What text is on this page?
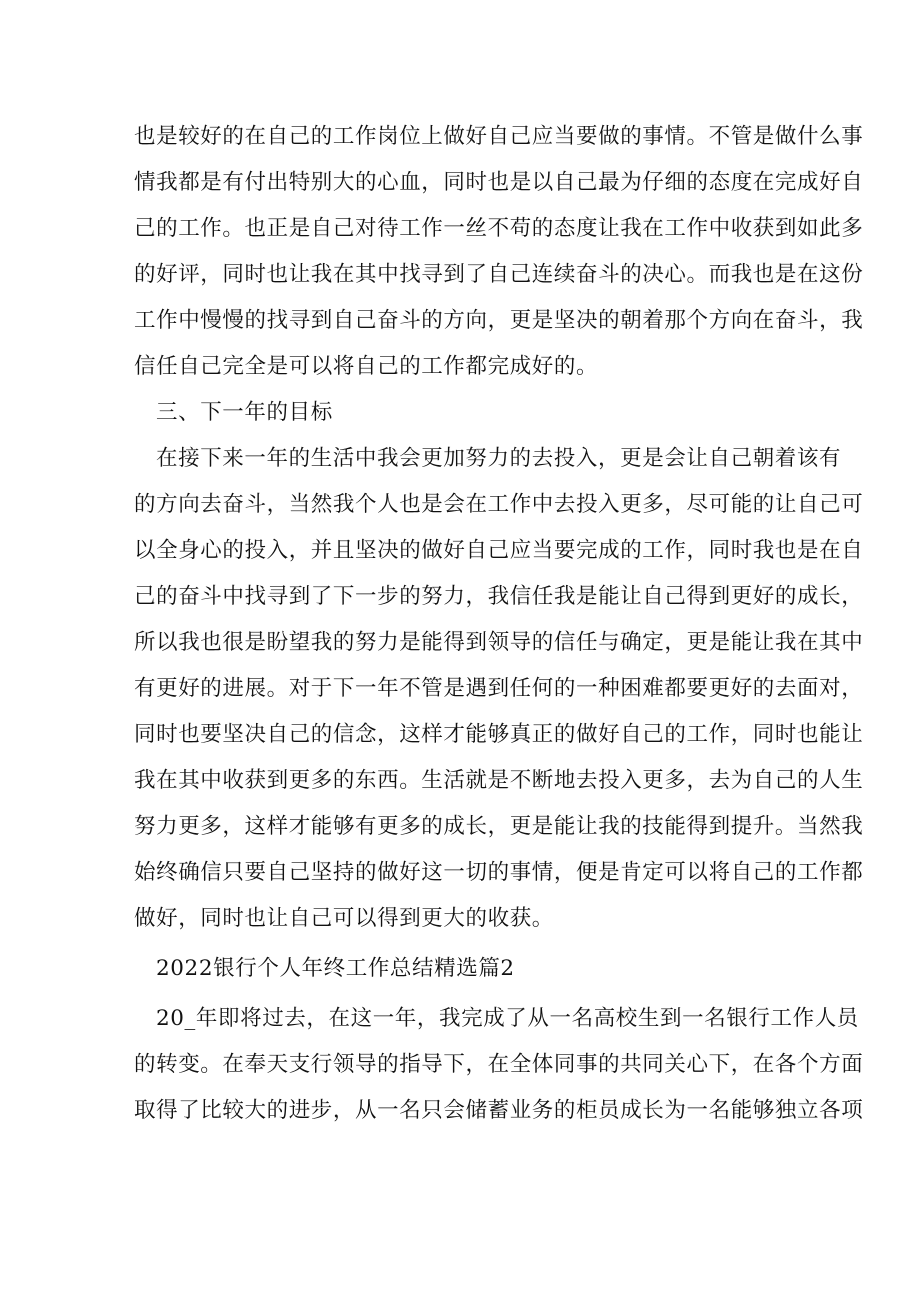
也是较好的在自己的工作岗位上做好自己应当要做的事情。不管是做什么事
情我都是有付出特别大的心血，同时也是以自己最为仔细的态度在完成好自
己的工作。也正是自己对待工作一丝不苟的态度让我在工作中收获到如此多
的好评，同时也让我在其中找寻到了自己连续奋斗的决心。而我也是在这份
工作中慢慢的找寻到自己奋斗的方向，更是坚决的朝着那个方向在奋斗，我
信任自己完全是可以将自己的工作都完成好的。
三、下一年的目标
在接下来一年的生活中我会更加努力的去投入，更是会让自己朝着该有
的方向去奋斗，当然我个人也是会在工作中去投入更多，尽可能的让自己可
以全身心的投入，并且坚决的做好自己应当要完成的工作，同时我也是在自
己的奋斗中找寻到了下一步的努力，我信任我是能让自己得到更好的成长，
所以我也很是盼望我的努力是能得到领导的信任与确定，更是能让我在其中
有更好的进展。对于下一年不管是遇到任何的一种困难都要更好的去面对，
同时也要坚决自己的信念，这样才能够真正的做好自己的工作，同时也能让
我在其中收获到更多的东西。生活就是不断地去投入更多，去为自己的人生
努力更多，这样才能够有更多的成长，更是能让我的技能得到提升。当然我
始终确信只要自己坚持的做好这一切的事情，便是肯定可以将自己的工作都
做好，同时也让自己可以得到更大的收获。
2022银行个人年终工作总结精选篇2
20_年即将过去，在这一年，我完成了从一名高校生到一名银行工作人员
的转变。在奉天支行领导的指导下，在全体同事的共同关心下，在各个方面
取得了比较大的进步，从一名只会储蓄业务的柜员成长为一名能够独立各项
